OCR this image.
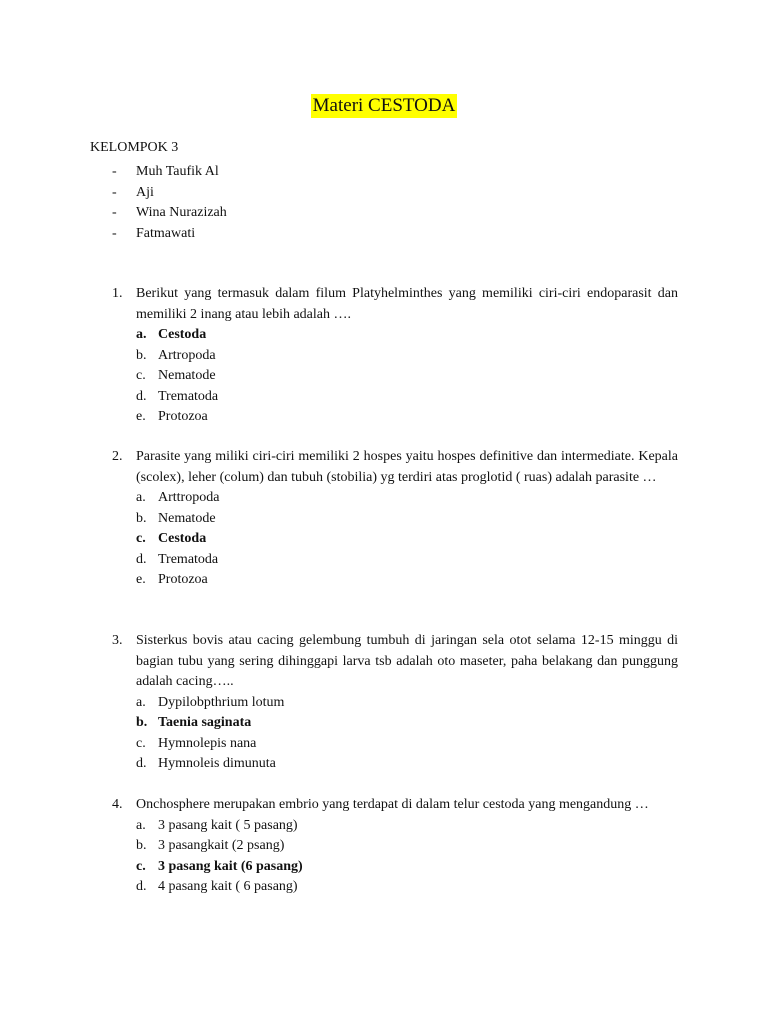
Materi CESTODA
KELOMPOK 3
- Muh Taufik Al
- Aji
- Wina Nurazizah
- Fatmawati
1. Berikut yang termasuk dalam filum Platyhelminthes yang memiliki ciri-ciri endoparasit dan memiliki 2 inang atau lebih adalah ….
a. Cestoda
b. Artropoda
c. Nematode
d. Trematoda
e. Protozoa
2. Parasite yang miliki ciri-ciri memiliki 2 hospes yaitu hospes definitive dan intermediate. Kepala (scolex), leher (colum) dan tubuh (stobilia) yg terdiri atas proglotid ( ruas) adalah parasite …
a. Arttropoda
b. Nematode
c. Cestoda
d. Trematoda
e. Protozoa
3. Sisterkus bovis atau cacing gelembung tumbuh di jaringan sela otot selama 12-15 minggu di bagian tubu yang sering dihinggapi larva tsb adalah oto maseter, paha belakang dan punggung adalah cacing…..
a. Dypilobpthrium lotum
b. Taenia saginata
c. Hymnolepis nana
d. Hymnoleis dimunuta
4. Onchosphere merupakan embrio yang terdapat di dalam telur cestoda yang mengandung …
a. 3 pasang kait ( 5 pasang)
b. 3 pasangkait (2 psang)
c. 3 pasang kait (6 pasang)
d. 4 pasang kait ( 6 pasang)
